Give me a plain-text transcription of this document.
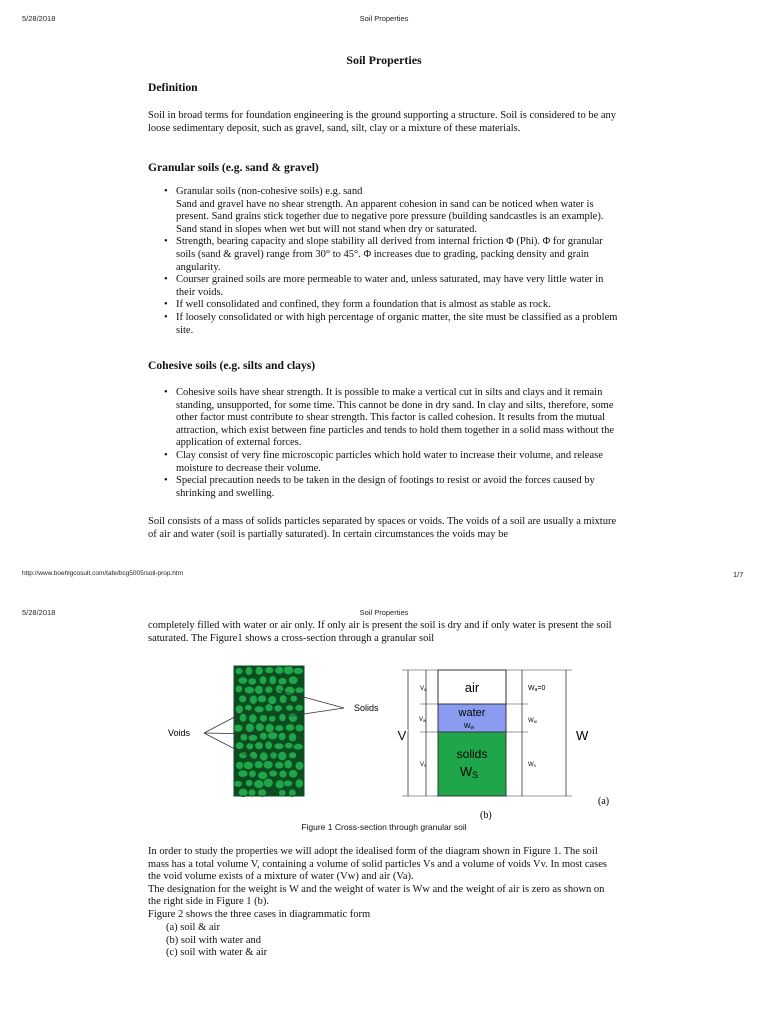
5/28/2018	Soil Properties
Soil Properties
Definition

Soil in broad terms for foundation engineering is the ground supporting a structure. Soil is considered to be any loose sedimentary deposit, such as gravel, sand, silt, clay or a mixture of these materials.

Granular soils (e.g. sand & gravel)
• Granular soils (non-cohesive soils) e.g. sand
Sand and gravel have no shear strength. An apparent cohesion in sand can be noticed when water is present. Sand grains stick together due to negative pore pressure (building sandcastles is an example). Sand stand in slopes when wet but will not stand when dry or saturated.
• Strength, bearing capacity and slope stability all derived from internal friction Φ (Phi). Φ for granular soils (sand & gravel) range from 30° to 45°. Φ increases due to grading, packing density and grain angularity.
• Courser grained soils are more permeable to water and, unless saturated, may have very little water in their voids.
• If well consolidated and confined, they form a foundation that is almost as stable as rock.
• If loosely consolidated or with high percentage of organic matter, the site must be classified as a problem site.
Cohesive soils (e.g. silts and clays)
• Cohesive soils have shear strength. It is possible to make a vertical cut in silts and clays and it remain standing, unsupported, for some time. This cannot be done in dry sand. In clay and silts, therefore, some other factor must contribute to shear strength. This factor is called cohesion. It results from the mutual attraction, which exist between fine particles and tends to hold them together in a solid mass without the application of external forces.
• Clay consist of very fine microscopic particles which hold water to increase their volume, and release moisture to decrease their volume.
• Special precaution needs to be taken in the design of footings to resist or avoid the forces caused by shrinking and swelling.

Soil consists of a mass of solids particles separated by spaces or voids. The voids of a soil are usually a mixture of air and water (soil is partially saturated). In certain circumstances the voids may be

http://www.boehlgcosult.com/tafe/bcg5005/soil-prop.htm	1/7
5/28/2018	Soil Properties

completely filled with water or air only. If only air is present the soil is dry and if only water is present the soil saturated. The Figure1 shows a cross-section through a granular soil

Solids
Voids
air
water
Ww
solids
WS
V
Va
Vw
Vs
Wa=0
Ww
Ws
W
(a)
(b)
Figure 1 Cross-section through granular soil

In order to study the properties we will adopt the idealised form of the diagram shown in Figure 1. The soil mass has a total volume V, containing a volume of solid particles Vs and a volume of voids Vv. In most cases the void volume exists of a mixture of water (Vw) and air (Va).
The designation for the weight is W and the weight of water is Ww and the weight of air is zero as shown on the right side in Figure 1 (b).
Figure 2 shows the three cases in diagrammatic form

(a) soil & air
(b) soil with water and
(c) soil with water & air
